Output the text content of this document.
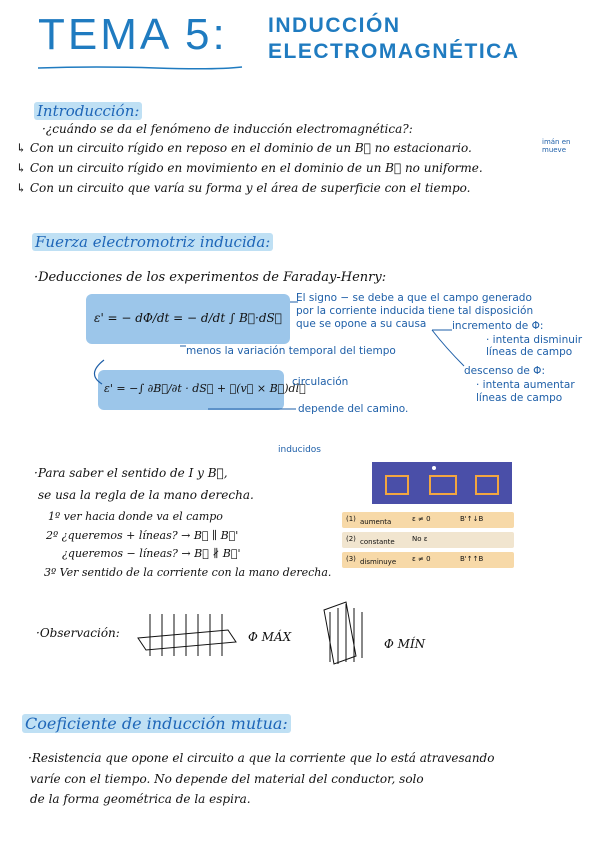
TEMA 5: INDUCCIÓN
ELECTROMAGNÉTICA
Introducción:
·¿cuándo se da el fenómeno de inducción electromagnética?:
↳ Con un circuito rígido en reposo en el dominio de un B⃗ no estacionario.	imán en mueve
↳ Con un circuito rígido en movimiento en el dominio de un B⃗ no uniforme.
↳ Con un circuito que varía su forma y el área de superficie con el tiempo.
Fuerza electromotriz inducida:
·Deducciones de los experimentos de Faraday-Henry:
ε' = − dΦ/dt = − d/dt ∫ B⃗·dS⃗
El signo − se debe a que el campo generado
por la corriente inducida tiene tal disposición
que se opone a su causa incremento de Φ:
· intenta disminuir
líneas de campo
menos la variación temporal del tiempo
descenso de Φ:
· intenta aumentar
líneas de campo
ε' = −∫ ∂B⃗/∂t · dS⃗ + ∮(v⃗ × B⃗)dl⃗
circulación
depende del camino.
inducidos
·Para saber el sentido de I y B⃗,
se usa la regla de la mano derecha.
1º ver hacia donde va el campo
2º ¿queremos + líneas? → B⃗ ∥ B⃗'
¿queremos − líneas? → B⃗ ∦ B⃗'
3º Ver sentido de la corriente con la mano derecha.
(1) aumenta	ε ≠ 0	B'↑↓B
(2) constante No ε
(3) disminuye ε ≠ 0	B'↑↑B
·Observación:	Φ MÁX	Φ MÍN
Coeficiente de inducción mutua:
·Resistencia que opone el circuito a que la corriente que lo está atravesando
varíe con el tiempo. No depende del material del conductor, solo
de la forma geométrica de la espira.
